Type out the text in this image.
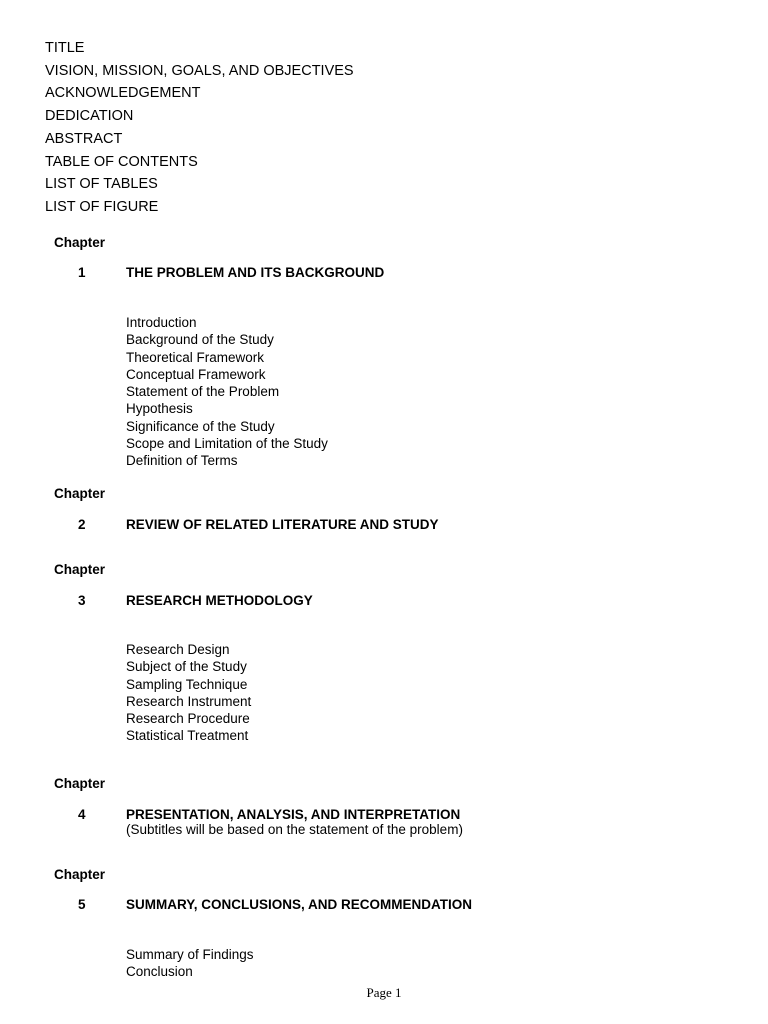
TITLE
VISION, MISSION, GOALS, AND OBJECTIVES
ACKNOWLEDGEMENT
DEDICATION
ABSTRACT
TABLE OF CONTENTS
LIST OF TABLES
LIST OF FIGURE
Chapter
1	THE PROBLEM AND ITS BACKGROUND
Introduction
Background of the Study
Theoretical Framework
Conceptual Framework
Statement of the Problem
Hypothesis
Significance of the Study
Scope and Limitation of the Study
Definition of Terms
Chapter
2	REVIEW OF RELATED LITERATURE AND STUDY
Chapter
3	RESEARCH METHODOLOGY
Research Design
Subject of the Study
Sampling Technique
Research Instrument
Research Procedure
Statistical Treatment
Chapter
4	PRESENTATION, ANALYSIS, AND INTERPRETATION
(Subtitles will be based on the statement of the problem)
Chapter
5	SUMMARY, CONCLUSIONS, AND RECOMMENDATION
Summary of Findings
Conclusion
Page 1
